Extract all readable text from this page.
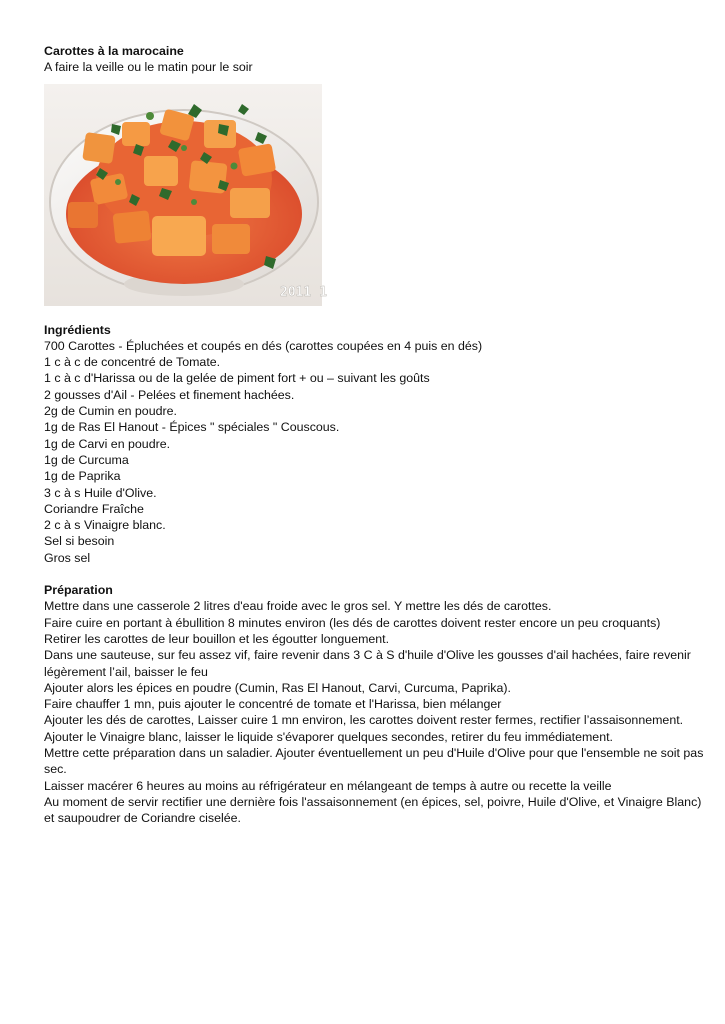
Carottes à la marocaine
A faire la veille ou le matin pour le soir
2011 1
Ingrédients
700 Carottes - Épluchées et coupés en dés (carottes coupées en 4 puis en dés)
1 c à c de concentré de Tomate.
1 c à c d'Harissa ou de la gelée de piment fort + ou – suivant les goûts
2 gousses d'Ail - Pelées et finement hachées.
2g de Cumin en poudre.
1g de Ras El Hanout - Épices " spéciales " Couscous.
1g de Carvi en poudre.
1g de Curcuma
1g de Paprika
3 c à s Huile d'Olive.
Coriandre Fraîche
2 c à s Vinaigre blanc.
Sel si besoin
Gros sel
Préparation
Mettre dans une casserole 2 litres d'eau froide avec le gros sel. Y mettre les dés de carottes.
Faire cuire en portant à ébullition 8 minutes environ (les dés de carottes doivent rester encore un peu croquants)
Retirer les carottes de leur bouillon et les égoutter longuement.
Dans une sauteuse, sur feu assez vif, faire revenir dans 3 C à S d'huile d'Olive les gousses d'ail hachées, faire revenir légèrement l’ail, baisser le feu
Ajouter alors les épices en poudre (Cumin, Ras El Hanout, Carvi, Curcuma, Paprika).
Faire chauffer 1 mn, puis ajouter le concentré de tomate et l'Harissa, bien mélanger
Ajouter les dés de carottes, Laisser cuire 1 mn environ, les carottes doivent rester fermes, rectifier l’assaisonnement.
Ajouter le Vinaigre blanc, laisser le liquide s'évaporer quelques secondes, retirer du feu immédiatement.
Mettre cette préparation dans un saladier. Ajouter éventuellement un peu d'Huile d'Olive pour que l'ensemble ne soit pas sec.
Laisser macérer 6 heures au moins au réfrigérateur en mélangeant de temps à autre ou recette la veille
Au moment de servir rectifier une dernière fois l'assaisonnement (en épices, sel, poivre, Huile d'Olive, et Vinaigre Blanc) et saupoudrer de Coriandre ciselée.
